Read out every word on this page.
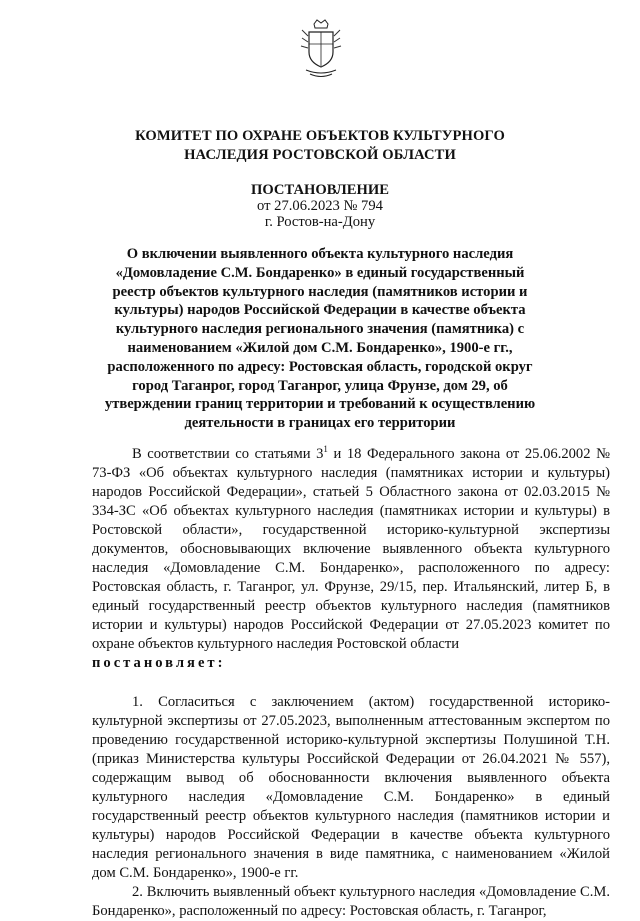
КОМИТЕТ ПО ОХРАНЕ ОБЪЕКТОВ КУЛЬТУРНОГО
НАСЛЕДИЯ РОСТОВСКОЙ ОБЛАСТИ
ПОСТАНОВЛЕНИЕ
от 27.06.2023 № 794
г. Ростов-на-Дону
О включении выявленного объекта культурного наследия «Домовладение С.М. Бондаренко» в единый государственный реестр объектов культурного наследия (памятников истории и культуры) народов Российской Федерации в качестве объекта культурного наследия регионального значения (памятника) с наименованием «Жилой дом С.М. Бондаренко», 1900-е гг., расположенного по адресу: Ростовская область, городской округ город Таганрог, город Таганрог, улица Фрунзе, дом 29, об утверждении границ территории и требований к осуществлению деятельности в границах его территории

В соответствии со статьями $3^1$ и 18 Федерального закона от 25.06.2002 № 73-ФЗ «Об объектах культурного наследия (памятниках истории и культуры) народов Российской Федерации», статьей 5 Областного закона от 02.03.2015 № 334-ЗС «Об объектах культурного наследия (памятниках истории и культуры) в Ростовской области», государственной историко-культурной экспертизы документов, обосновывающих включение выявленного объекта культурного наследия «Домовладение С.М. Бондаренко», расположенного по адресу: Ростовская область, г. Таганрог, ул. Фрунзе, 29/15, пер. Итальянский, литер Б, в единый государственный реестр объектов культурного наследия (памятников истории и культуры) народов Российской Федерации от 27.05.2023 комитет по охране объектов культурного наследия Ростовской области

постановляет:

1. Согласиться с заключением (актом) государственной историко-культурной экспертизы от 27.05.2023, выполненным аттестованным экспертом по проведению государственной историко-культурной экспертизы Полушиной Т.Н. (приказ Министерства культуры Российской Федерации от 26.04.2021 № 557), содержащим вывод об обоснованности включения выявленного объекта культурного наследия «Домовладение С.М. Бондаренко» в единый государственный реестр объектов культурного наследия (памятников истории и культуры) народов Российской Федерации в качестве объекта культурного наследия регионального значения в виде памятника, с наименованием «Жилой дом С.М. Бондаренко», 1900-е гг.

2. Включить выявленный объект культурного наследия «Домовладение С.М. Бондаренко», расположенный по адресу: Ростовская область, г. Таганрог,
